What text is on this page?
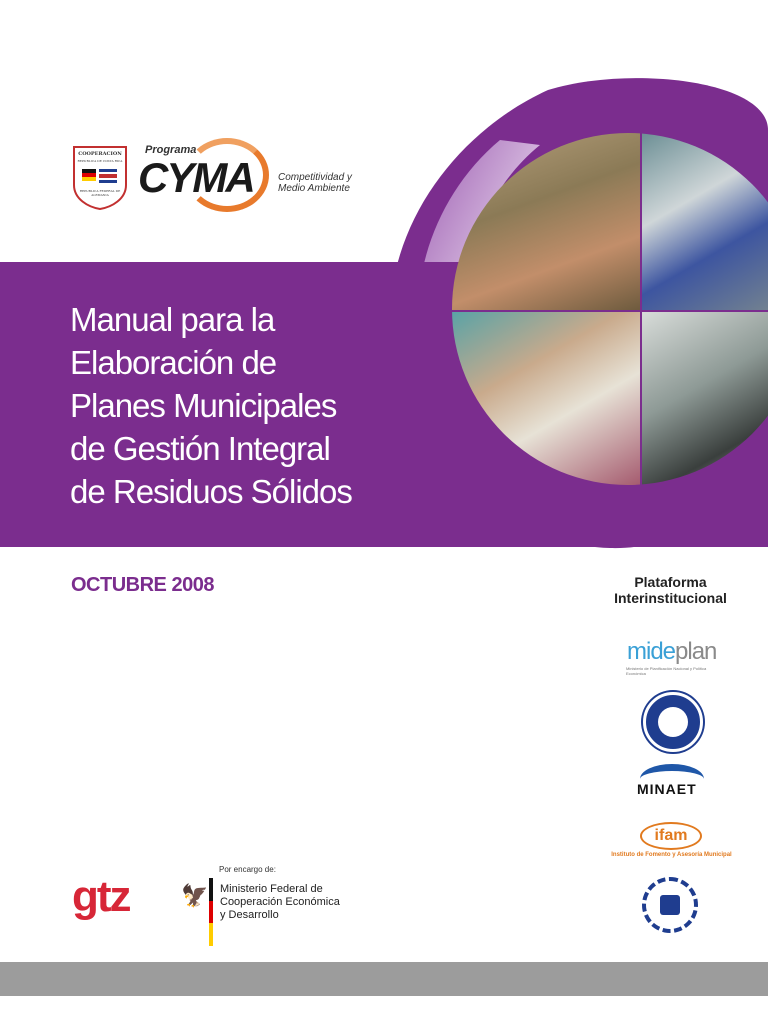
Manual para la
Elaboración de
Planes Municipales
de Gestión Integral
de Residuos Sólidos
COOPERACION
REPUBLICA DE COSTA RICA
REPUBLICA FEDERAL DE ALEMANIA
Programa
CYMA Competitividad y
Medio Ambiente
OCTUBRE 2008	Plataforma
Interinstitucional
mideplan
Ministerio de Planificación Nacional y Política Económica
MINAET
ifam
Instituto de Fomento y Asesoría Municipal
gtz 🦅
Por encargo de:
Ministerio Federal de
Cooperación Económica
y Desarrollo
